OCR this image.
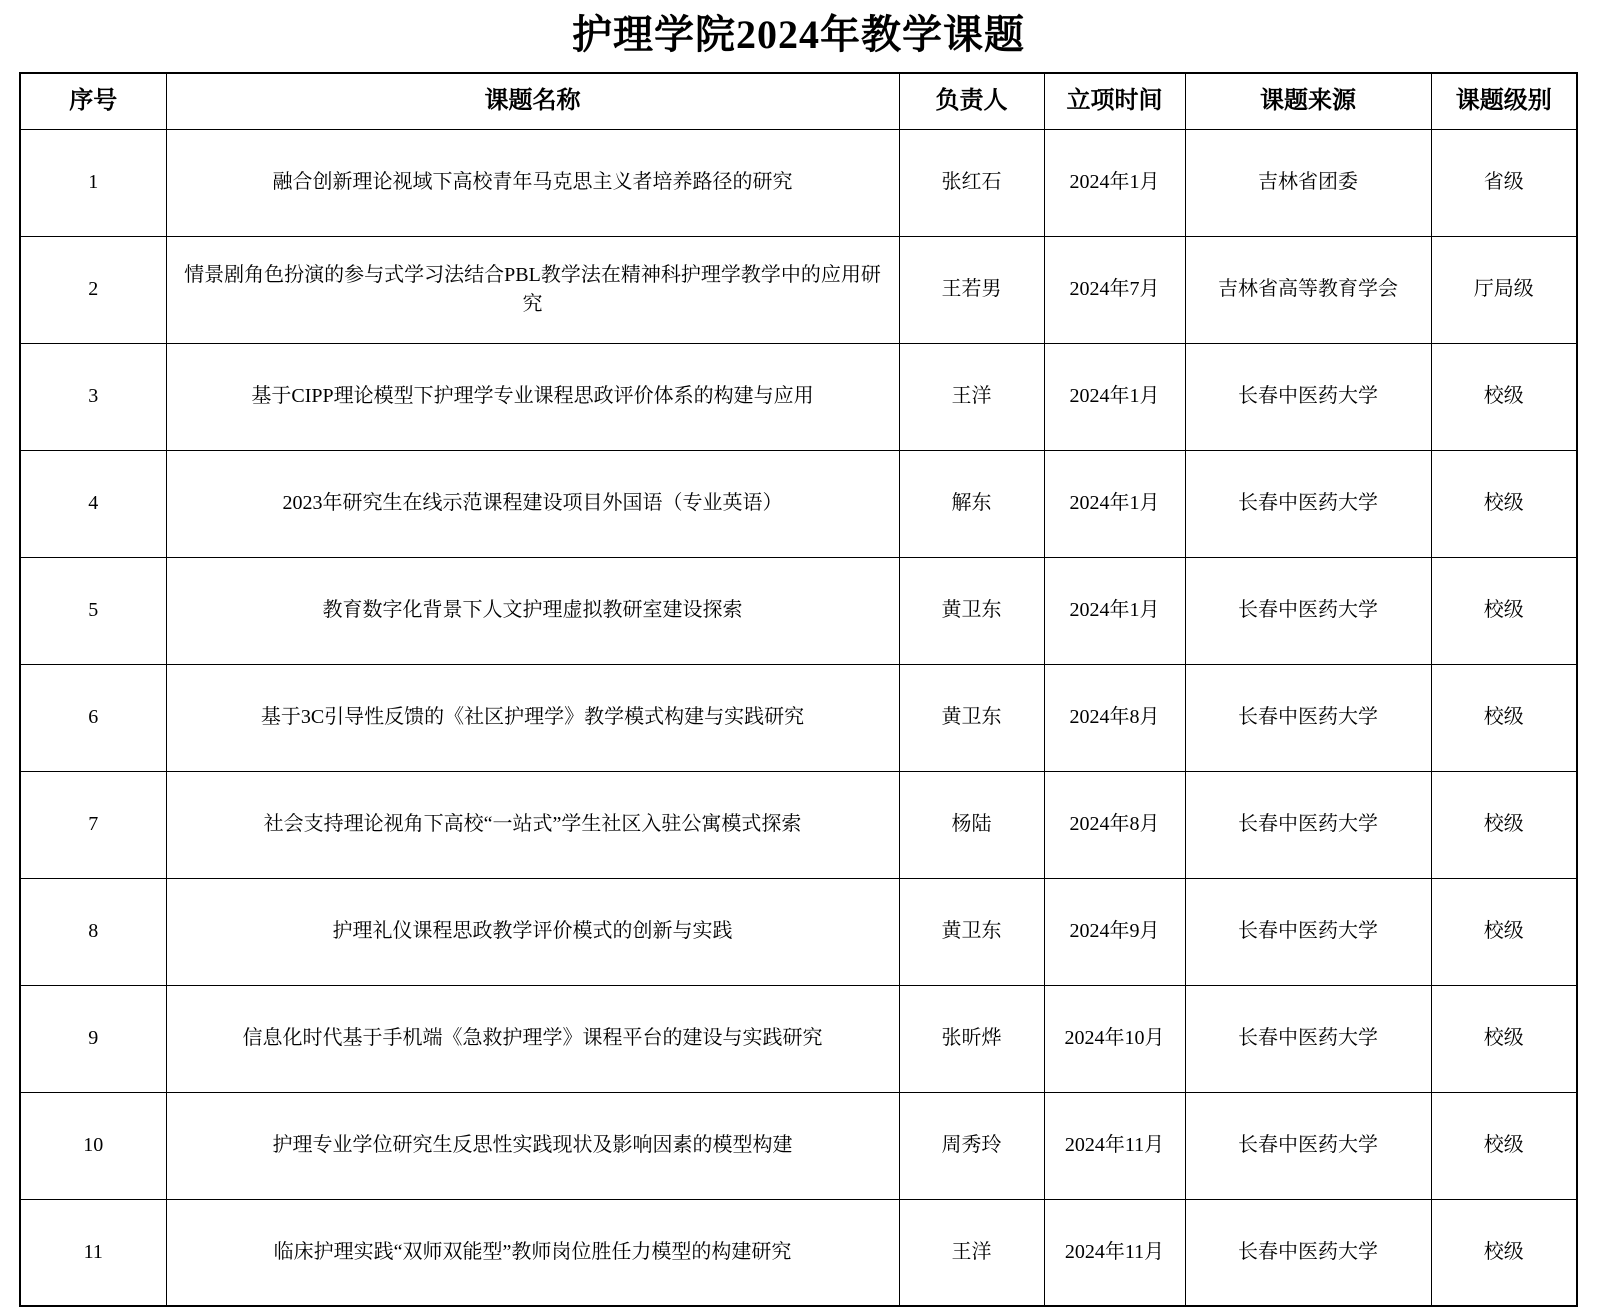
护理学院2024年教学课题
序号	课题名称	负责人	立项时间	课题来源	课题级别
1	融合创新理论视域下高校青年马克思主义者培养路径的研究	张红石	2024年1月	吉林省团委	省级
2	情景剧角色扮演的参与式学习法结合PBL教学法在精神科护理学教学中的应用研究	王若男	2024年7月	吉林省高等教育学会	厅局级
3	基于CIPP理论模型下护理学专业课程思政评价体系的构建与应用	王洋	2024年1月	长春中医药大学	校级
4	2023年研究生在线示范课程建设项目外国语（专业英语）	解东	2024年1月	长春中医药大学	校级
5	教育数字化背景下人文护理虚拟教研室建设探索	黄卫东	2024年1月	长春中医药大学	校级
6	基于3C引导性反馈的《社区护理学》教学模式构建与实践研究	黄卫东	2024年8月	长春中医药大学	校级
7	社会支持理论视角下高校“一站式”学生社区入驻公寓模式探索	杨陆	2024年8月	长春中医药大学	校级
8	护理礼仪课程思政教学评价模式的创新与实践	黄卫东	2024年9月	长春中医药大学	校级
9	信息化时代基于手机端《急救护理学》课程平台的建设与实践研究	张昕烨	2024年10月	长春中医药大学	校级
10	护理专业学位研究生反思性实践现状及影响因素的模型构建	周秀玲	2024年11月	长春中医药大学	校级
11	临床护理实践“双师双能型”教师岗位胜任力模型的构建研究	王洋	2024年11月	长春中医药大学	校级
